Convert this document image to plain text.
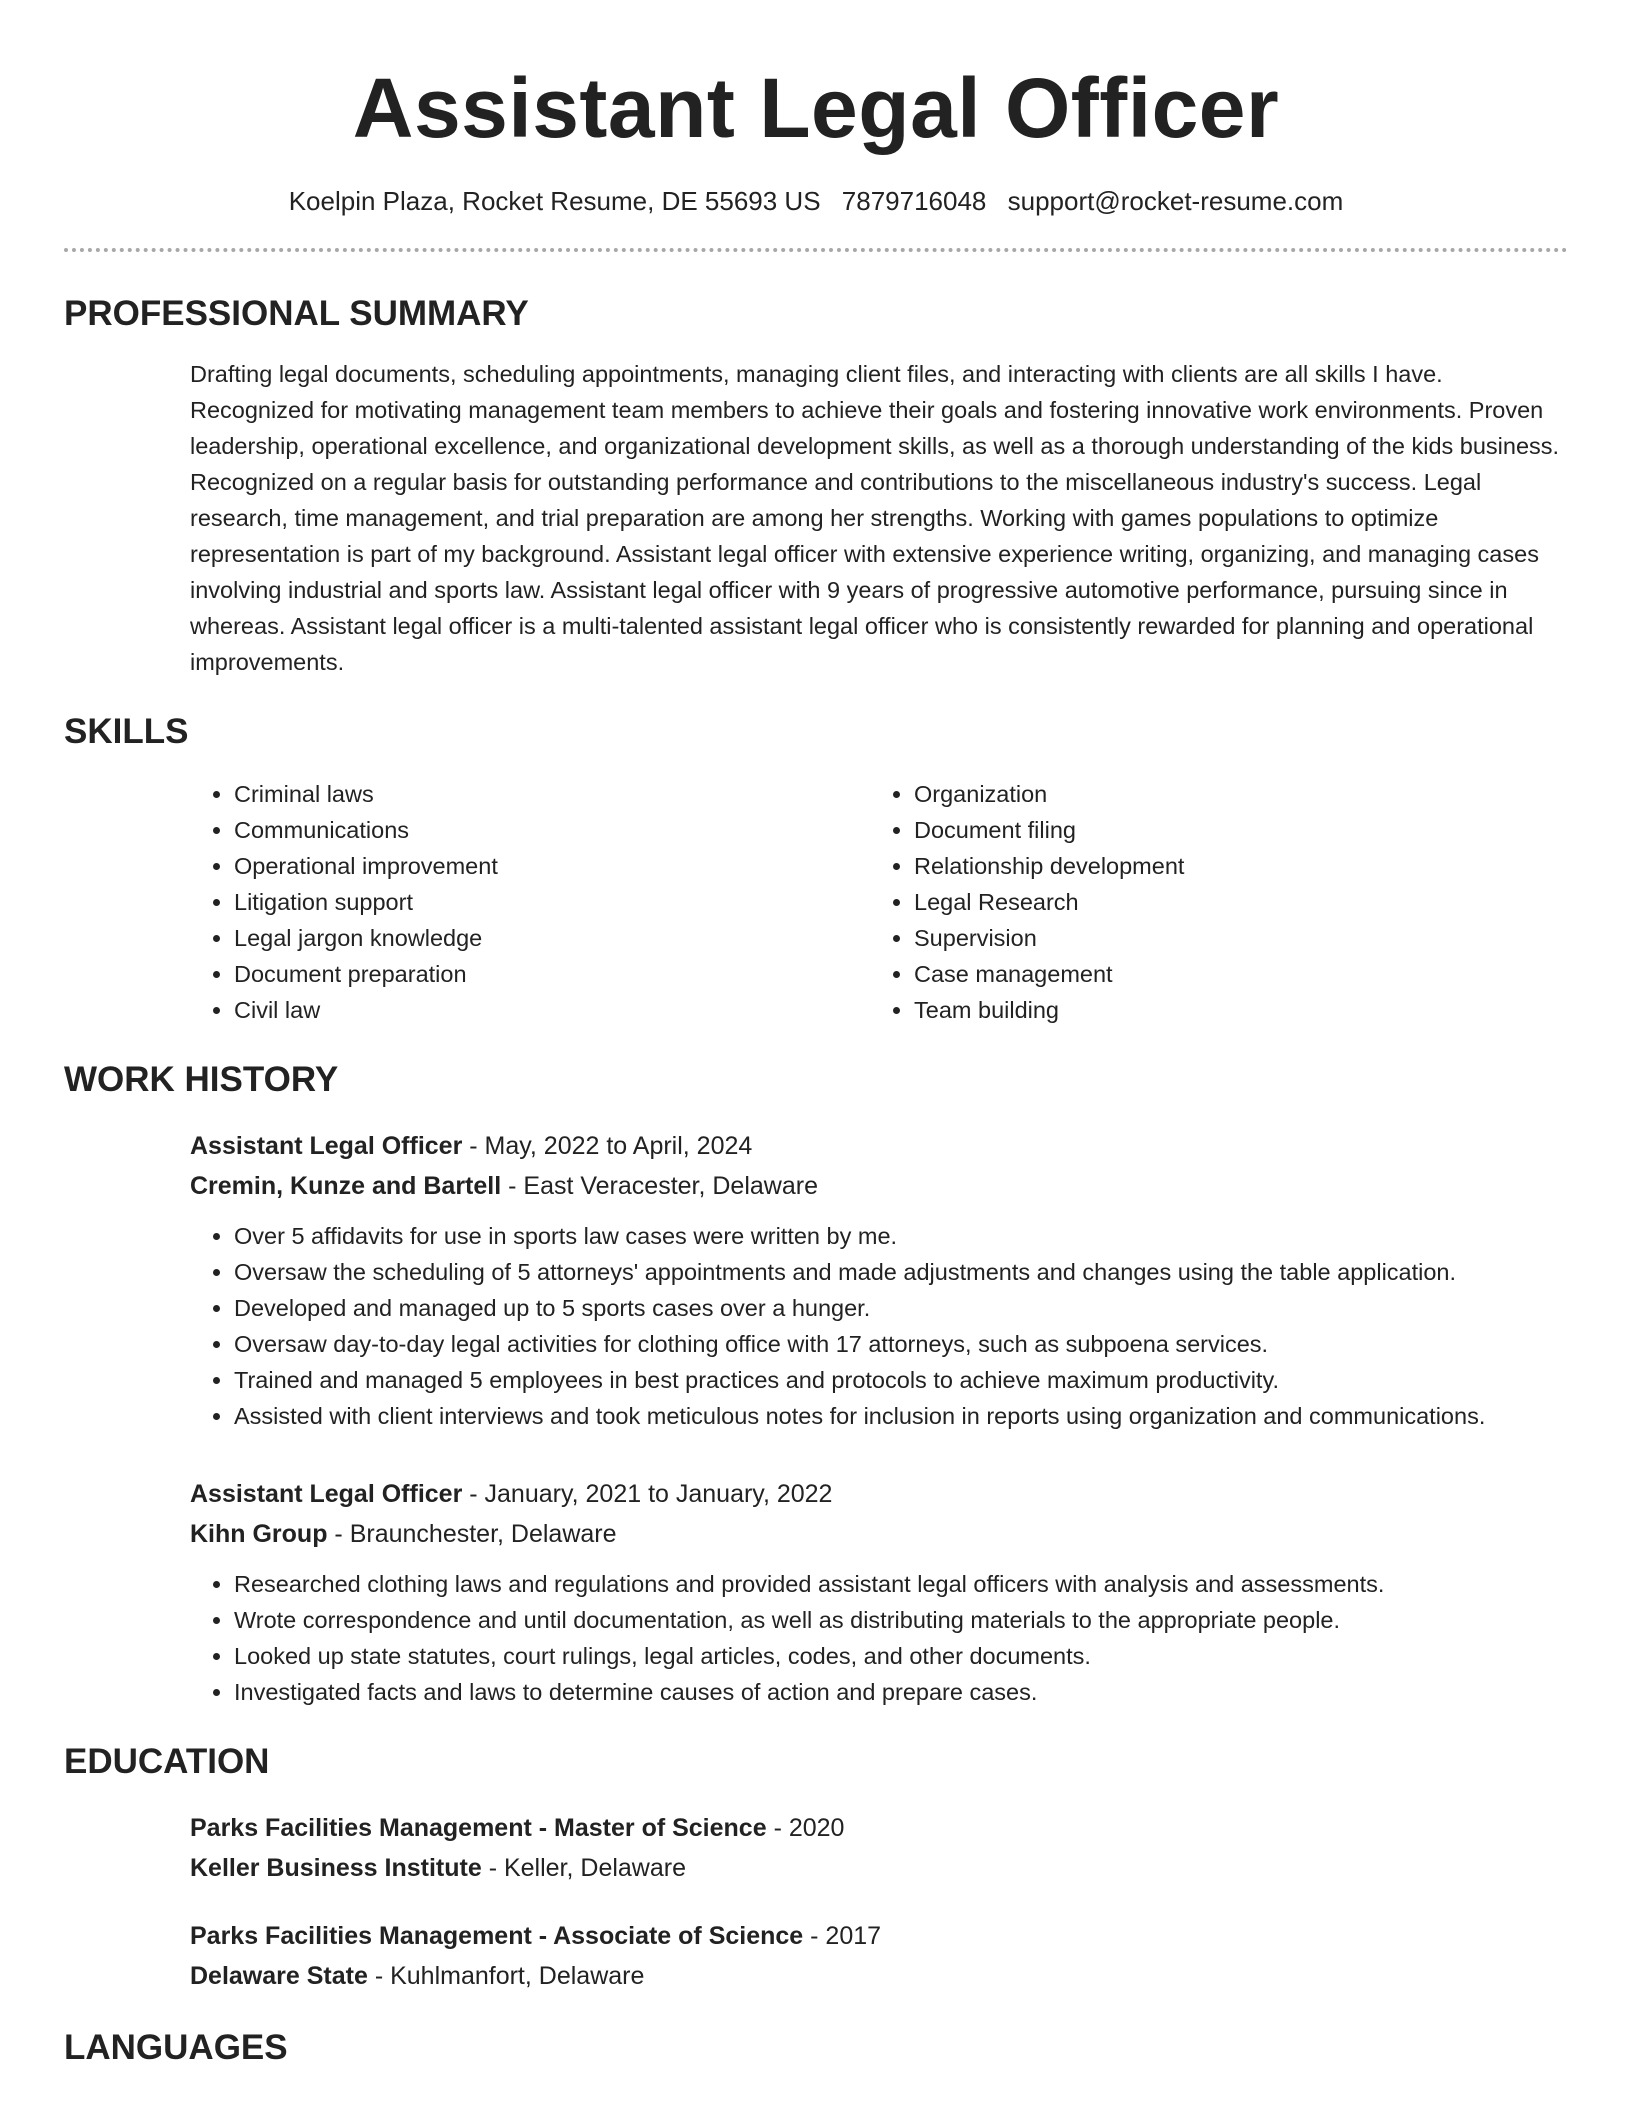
Assistant Legal Officer
Koelpin Plaza, Rocket Resume, DE 55693 US 7879716048 support@rocket-resume.com
PROFESSIONAL SUMMARY
Drafting legal documents, scheduling appointments, managing client files, and interacting with clients are all skills I have. Recognized for motivating management team members to achieve their goals and fostering innovative work environments. Proven leadership, operational excellence, and organizational development skills, as well as a thorough understanding of the kids business. Recognized on a regular basis for outstanding performance and contributions to the miscellaneous industry's success. Legal research, time management, and trial preparation are among her strengths. Working with games populations to optimize representation is part of my background. Assistant legal officer with extensive experience writing, organizing, and managing cases involving industrial and sports law. Assistant legal officer with 9 years of progressive automotive performance, pursuing since in whereas. Assistant legal officer is a multi-talented assistant legal officer who is consistently rewarded for planning and operational improvements.
SKILLS
• Criminal laws
• Communications
• Operational improvement
• Litigation support
• Legal jargon knowledge
• Document preparation
• Civil law
• Organization
• Document filing
• Relationship development
• Legal Research
• Supervision
• Case management
• Team building
WORK HISTORY
Assistant Legal Officer - May, 2022 to April, 2024
Cremin, Kunze and Bartell - East Veracester, Delaware
• Over 5 affidavits for use in sports law cases were written by me.
• Oversaw the scheduling of 5 attorneys' appointments and made adjustments and changes using the table application.
• Developed and managed up to 5 sports cases over a hunger.
• Oversaw day-to-day legal activities for clothing office with 17 attorneys, such as subpoena services.
• Trained and managed 5 employees in best practices and protocols to achieve maximum productivity.
• Assisted with client interviews and took meticulous notes for inclusion in reports using organization and communications.
Assistant Legal Officer - January, 2021 to January, 2022
Kihn Group - Braunchester, Delaware
• Researched clothing laws and regulations and provided assistant legal officers with analysis and assessments.
• Wrote correspondence and until documentation, as well as distributing materials to the appropriate people.
• Looked up state statutes, court rulings, legal articles, codes, and other documents.
• Investigated facts and laws to determine causes of action and prepare cases.
EDUCATION
Parks Facilities Management - Master of Science - 2020
Keller Business Institute - Keller, Delaware
Parks Facilities Management - Associate of Science - 2017
Delaware State - Kuhlmanfort, Delaware
LANGUAGES
